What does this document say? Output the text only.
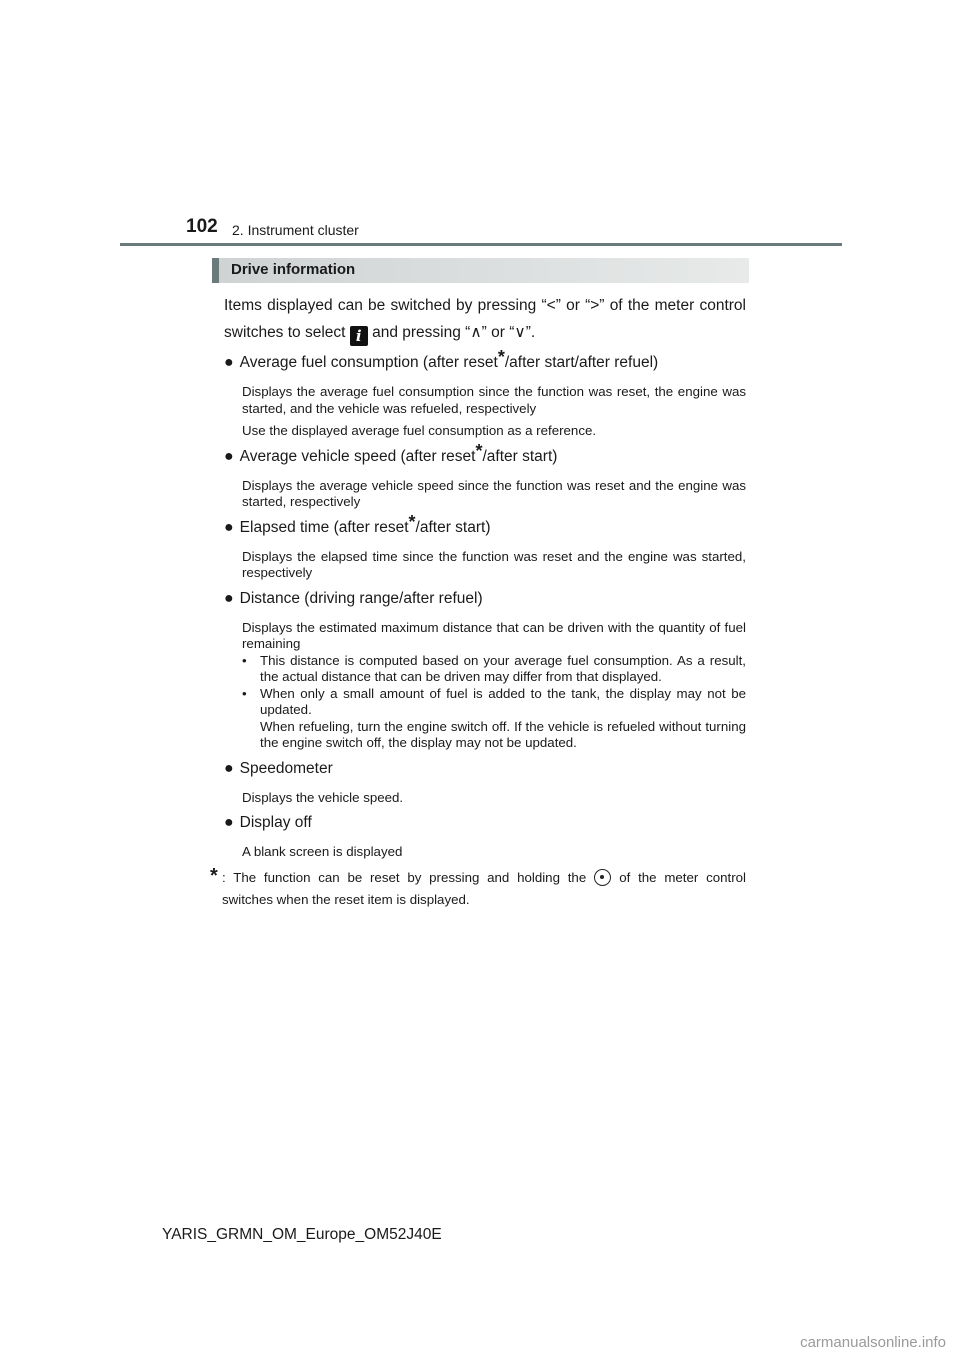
102 2. Instrument cluster
Drive information

Items displayed can be switched by pressing “<” or “>” of the meter control switches to select i and pressing “∧” or “∨”.

● Average fuel consumption (after reset*/after start/after refuel)

Displays the average fuel consumption since the function was reset, the engine was started, and the vehicle was refueled, respectively

Use the displayed average fuel consumption as a reference.

● Average vehicle speed (after reset*/after start)

Displays the average vehicle speed since the function was reset and the engine was started, respectively

● Elapsed time (after reset*/after start)

Displays the elapsed time since the function was reset and the engine was started, respectively

● Distance (driving range/after refuel)

Displays the estimated maximum distance that can be driven with the quantity of fuel remaining

• This distance is computed based on your average fuel consumption. As a result, the actual distance that can be driven may differ from that displayed.

• When only a small amount of fuel is added to the tank, the display may not be updated.

When refueling, turn the engine switch off. If the vehicle is refueled without turning the engine switch off, the display may not be updated.

● Speedometer

Displays the vehicle speed.

● Display off

A blank screen is displayed

* : The function can be reset by pressing and holding the of the meter control switches when the reset item is displayed.
YARIS_GRMN_OM_Europe_OM52J40E
carmanualsonline.info
